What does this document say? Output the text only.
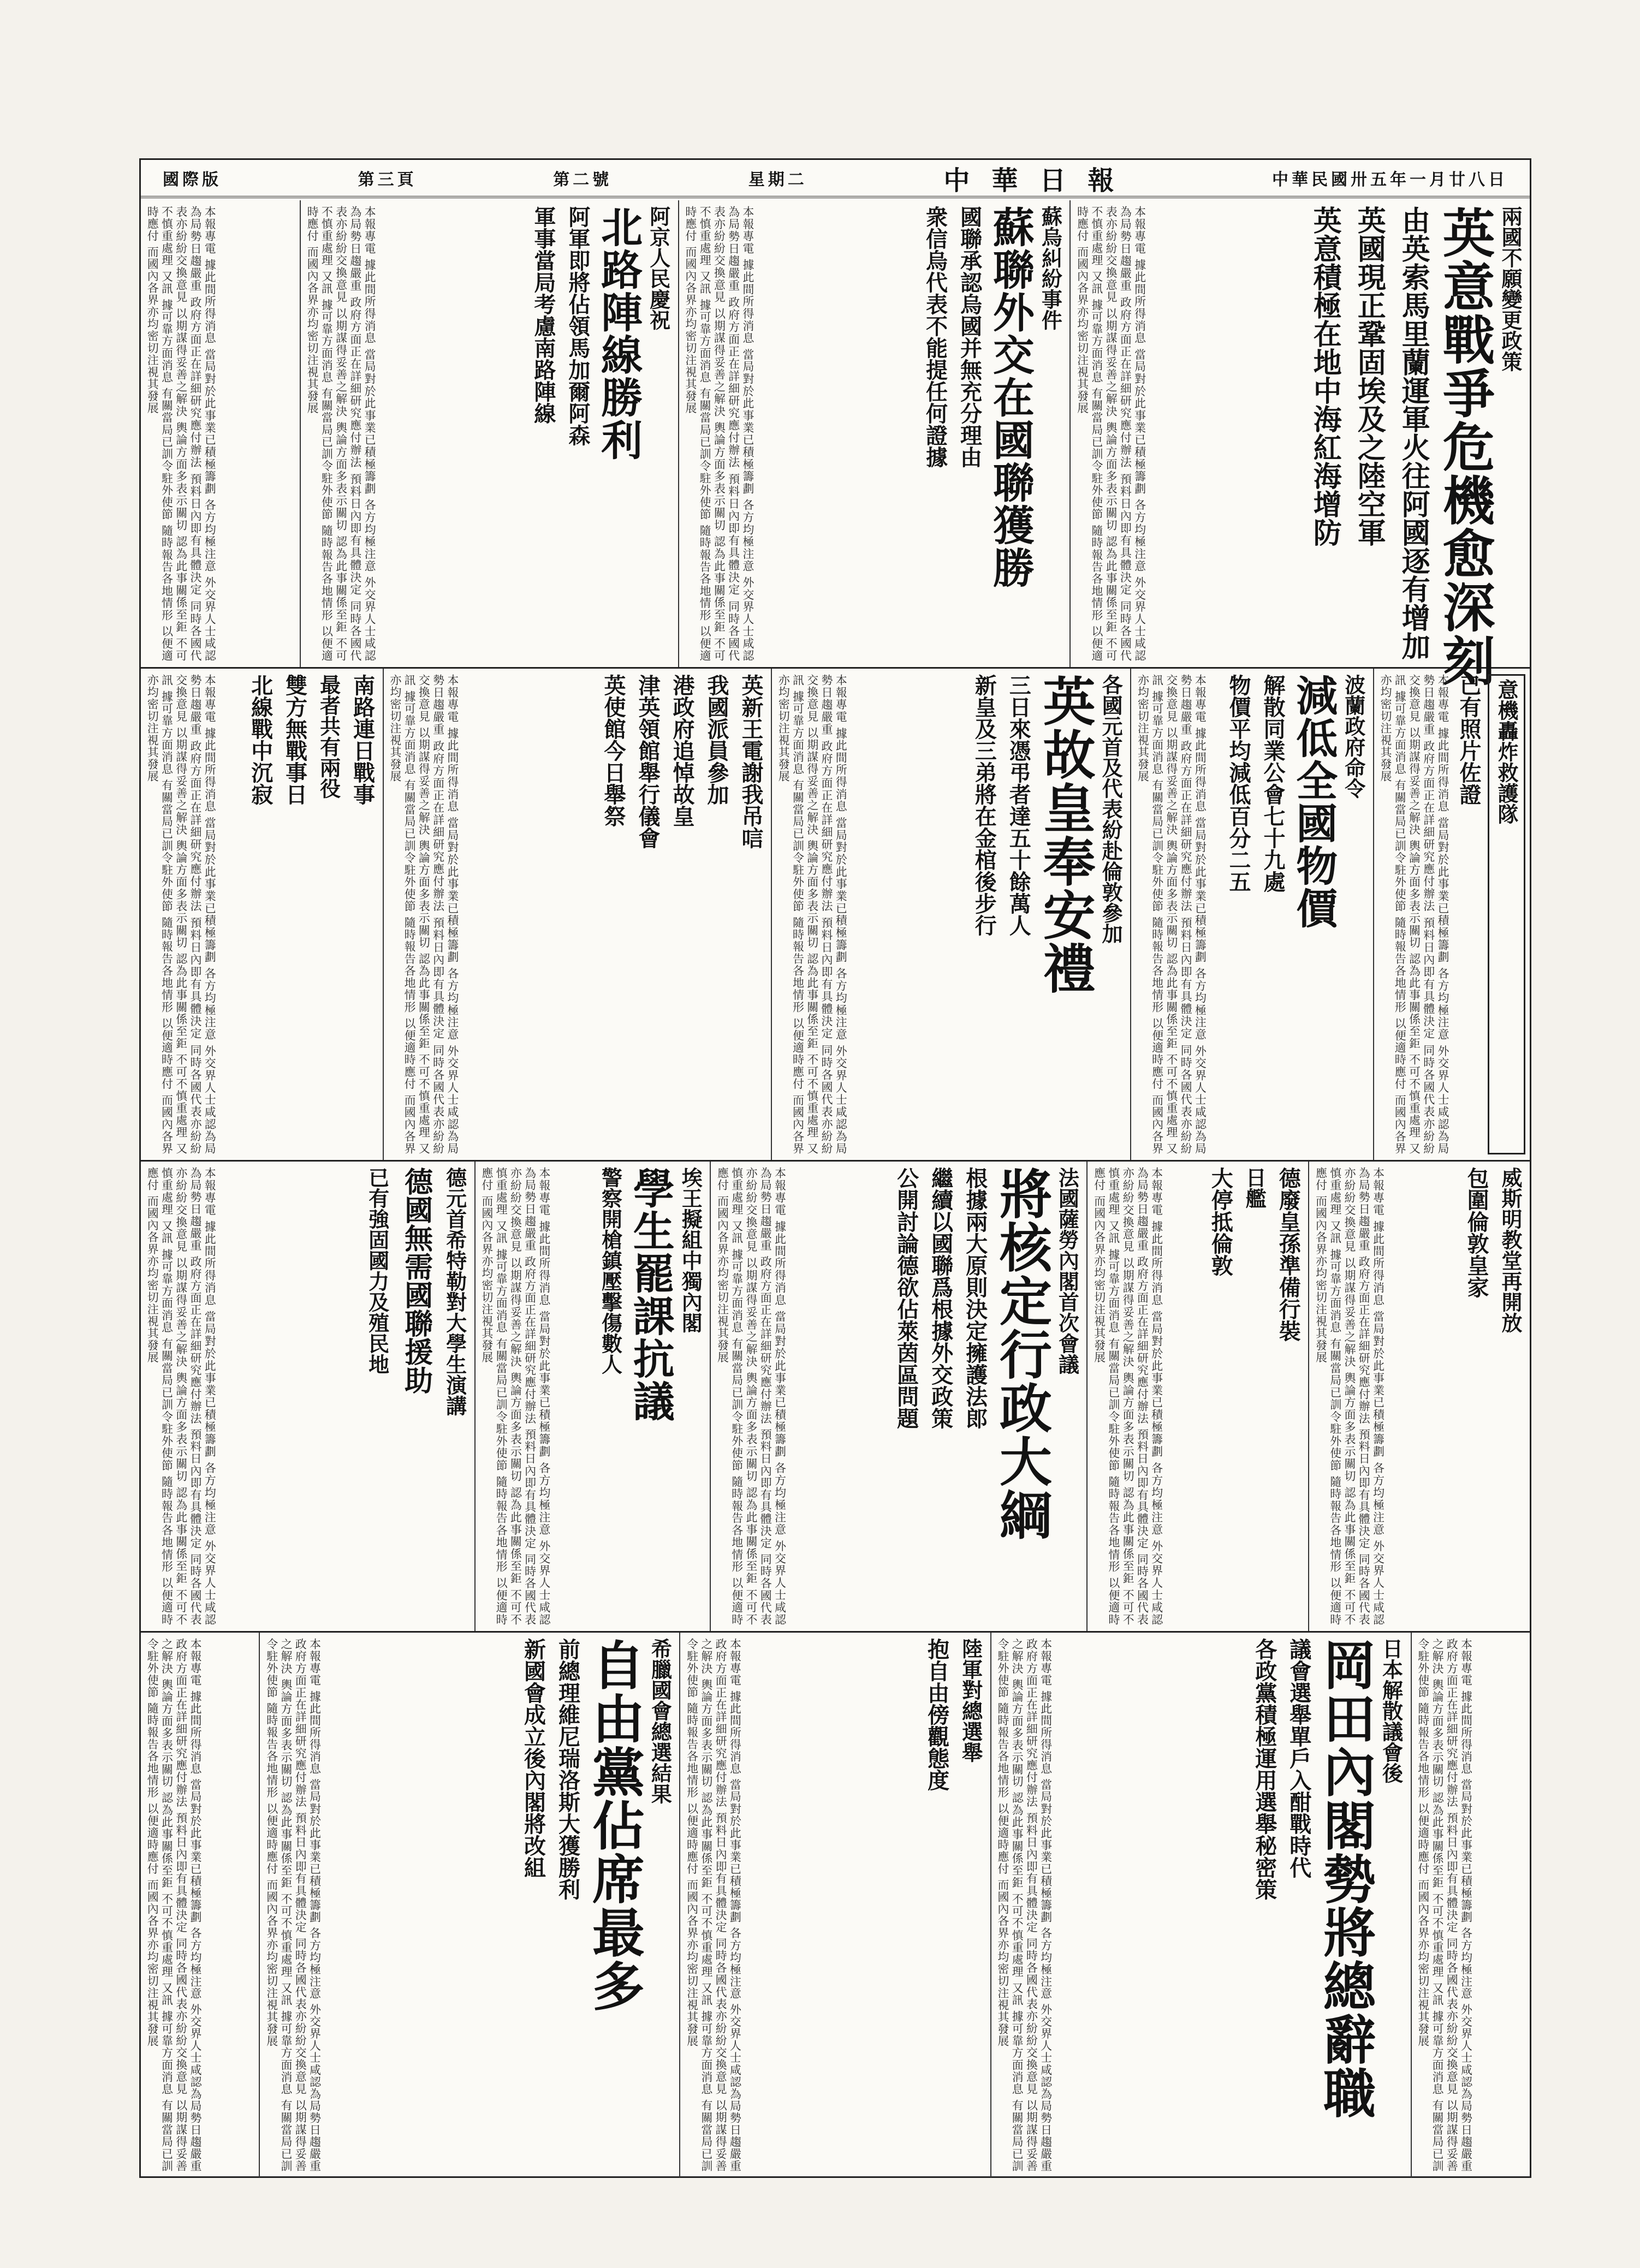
國際版	第三頁	第二號	星期二	中華日報	中華民國卅五年一月廿八日
兩國不願變更政策
英意戰爭危機愈深刻
由英索馬里蘭運軍火往阿國逐有增加
英國現正鞏固埃及之陸空軍
英意積極在地中海紅海增防
本報專電 據此間所得消息 當局對於此事業已積極籌劃 各方均極注意 外交界人士咸認為局勢日趨嚴重 政府方面正在詳細研究應付辦法 預料日內即有具體決定 同時各國代表亦紛紛交換意見 以期謀得妥善之解決 輿論方面多表示關切 認為此事關係至鉅 不可不慎重處理 又訊 據可靠方面消息 有關當局已訓令駐外使節 隨時報告各地情形 以便適時應付 而國內各界亦均密切注視其發展
蘇烏糾紛事件
蘇聯外交在國聯獲勝
國聯承認烏國并無充分理由
衆信烏代表不能提任何證據
本報專電 據此間所得消息 當局對於此事業已積極籌劃 各方均極注意 外交界人士咸認為局勢日趨嚴重 政府方面正在詳細研究應付辦法 預料日內即有具體決定 同時各國代表亦紛紛交換意見 以期謀得妥善之解決 輿論方面多表示關切 認為此事關係至鉅 不可不慎重處理 又訊 據可靠方面消息 有關當局已訓令駐外使節 隨時報告各地情形 以便適時應付 而國內各界亦均密切注視其發展
阿京人民慶祝
北路陣線勝利
阿軍即將佔領馬加爾阿森
軍事當局考慮南路陣線
本報專電 據此間所得消息 當局對於此事業已積極籌劃 各方均極注意 外交界人士咸認為局勢日趨嚴重 政府方面正在詳細研究應付辦法 預料日內即有具體決定 同時各國代表亦紛紛交換意見 以期謀得妥善之解決 輿論方面多表示關切 認為此事關係至鉅 不可不慎重處理 又訊 據可靠方面消息 有關當局已訓令駐外使節 隨時報告各地情形 以便適時應付 而國內各界亦均密切注視其發展
本報專電 據此間所得消息 當局對於此事業已積極籌劃 各方均極注意 外交界人士咸認為局勢日趨嚴重 政府方面正在詳細研究應付辦法 預料日內即有具體決定 同時各國代表亦紛紛交換意見 以期謀得妥善之解決 輿論方面多表示關切 認為此事關係至鉅 不可不慎重處理 又訊 據可靠方面消息 有關當局已訓令駐外使節 隨時報告各地情形 以便適時應付 而國內各界亦均密切注視其發展
意機轟炸救護隊
已有照片佐證
本報專電 據此間所得消息 當局對於此事業已積極籌劃 各方均極注意 外交界人士咸認為局勢日趨嚴重 政府方面正在詳細研究應付辦法 預料日內即有具體決定 同時各國代表亦紛紛交換意見 以期謀得妥善之解決 輿論方面多表示關切 認為此事關係至鉅 不可不慎重處理 又訊 據可靠方面消息 有關當局已訓令駐外使節 隨時報告各地情形 以便適時應付 而國內各界亦均密切注視其發展
波蘭政府命令
減低全國物價
解散同業公會七十九處
物價平均減低百分二五
本報專電 據此間所得消息 當局對於此事業已積極籌劃 各方均極注意 外交界人士咸認為局勢日趨嚴重 政府方面正在詳細研究應付辦法 預料日內即有具體決定 同時各國代表亦紛紛交換意見 以期謀得妥善之解決 輿論方面多表示關切 認為此事關係至鉅 不可不慎重處理 又訊 據可靠方面消息 有關當局已訓令駐外使節 隨時報告各地情形 以便適時應付 而國內各界亦均密切注視其發展
各國元首及代表紛赴倫敦參加
英故皇奉安禮
三日來憑弔者達五十餘萬人
新皇及三弟將在金棺後步行
本報專電 據此間所得消息 當局對於此事業已積極籌劃 各方均極注意 外交界人士咸認為局勢日趨嚴重 政府方面正在詳細研究應付辦法 預料日內即有具體決定 同時各國代表亦紛紛交換意見 以期謀得妥善之解決 輿論方面多表示關切 認為此事關係至鉅 不可不慎重處理 又訊 據可靠方面消息 有關當局已訓令駐外使節 隨時報告各地情形 以便適時應付 而國內各界亦均密切注視其發展
英新王電謝我吊唁
我國派員參加
港政府追悼故皇
津英領館舉行儀會
英使館今日舉祭
本報專電 據此間所得消息 當局對於此事業已積極籌劃 各方均極注意 外交界人士咸認為局勢日趨嚴重 政府方面正在詳細研究應付辦法 預料日內即有具體決定 同時各國代表亦紛紛交換意見 以期謀得妥善之解決 輿論方面多表示關切 認為此事關係至鉅 不可不慎重處理 又訊 據可靠方面消息 有關當局已訓令駐外使節 隨時報告各地情形 以便適時應付 而國內各界亦均密切注視其發展
南路連日戰事
最者共有兩役
雙方無戰事日
北線戰中沉寂
本報專電 據此間所得消息 當局對於此事業已積極籌劃 各方均極注意 外交界人士咸認為局勢日趨嚴重 政府方面正在詳細研究應付辦法 預料日內即有具體決定 同時各國代表亦紛紛交換意見 以期謀得妥善之解決 輿論方面多表示關切 認為此事關係至鉅 不可不慎重處理 又訊 據可靠方面消息 有關當局已訓令駐外使節 隨時報告各地情形 以便適時應付 而國內各界亦均密切注視其發展
威斯明教堂再開放
包圍倫敦皇家
本報專電 據此間所得消息 當局對於此事業已積極籌劃 各方均極注意 外交界人士咸認為局勢日趨嚴重 政府方面正在詳細研究應付辦法 預料日內即有具體決定 同時各國代表亦紛紛交換意見 以期謀得妥善之解決 輿論方面多表示關切 認為此事關係至鉅 不可不慎重處理 又訊 據可靠方面消息 有關當局已訓令駐外使節 隨時報告各地情形 以便適時應付 而國內各界亦均密切注視其發展
德廢皇孫準備行裝
日艦
大停抵倫敦
本報專電 據此間所得消息 當局對於此事業已積極籌劃 各方均極注意 外交界人士咸認為局勢日趨嚴重 政府方面正在詳細研究應付辦法 預料日內即有具體決定 同時各國代表亦紛紛交換意見 以期謀得妥善之解決 輿論方面多表示關切 認為此事關係至鉅 不可不慎重處理 又訊 據可靠方面消息 有關當局已訓令駐外使節 隨時報告各地情形 以便適時應付 而國內各界亦均密切注視其發展
法國薩勞內閣首次會議
將核定行政大綱
根據兩大原則決定擁護法郎
繼續以國聯爲根據外交政策
公開討論德欲佔萊茵區問題
本報專電 據此間所得消息 當局對於此事業已積極籌劃 各方均極注意 外交界人士咸認為局勢日趨嚴重 政府方面正在詳細研究應付辦法 預料日內即有具體決定 同時各國代表亦紛紛交換意見 以期謀得妥善之解決 輿論方面多表示關切 認為此事關係至鉅 不可不慎重處理 又訊 據可靠方面消息 有關當局已訓令駐外使節 隨時報告各地情形 以便適時應付 而國內各界亦均密切注視其發展
埃王擬組中獨內閣
學生罷課抗議
警察開槍鎮壓擊傷數人
本報專電 據此間所得消息 當局對於此事業已積極籌劃 各方均極注意 外交界人士咸認為局勢日趨嚴重 政府方面正在詳細研究應付辦法 預料日內即有具體決定 同時各國代表亦紛紛交換意見 以期謀得妥善之解決 輿論方面多表示關切 認為此事關係至鉅 不可不慎重處理 又訊 據可靠方面消息 有關當局已訓令駐外使節 隨時報告各地情形 以便適時應付 而國內各界亦均密切注視其發展
德元首希特勒對大學生演講
德國無需國聯援助
已有強固國力及殖民地
本報專電 據此間所得消息 當局對於此事業已積極籌劃 各方均極注意 外交界人士咸認為局勢日趨嚴重 政府方面正在詳細研究應付辦法 預料日內即有具體決定 同時各國代表亦紛紛交換意見 以期謀得妥善之解決 輿論方面多表示關切 認為此事關係至鉅 不可不慎重處理 又訊 據可靠方面消息 有關當局已訓令駐外使節 隨時報告各地情形 以便適時應付 而國內各界亦均密切注視其發展
本報專電 據此間所得消息 當局對於此事業已積極籌劃 各方均極注意 外交界人士咸認為局勢日趨嚴重 政府方面正在詳細研究應付辦法 預料日內即有具體決定 同時各國代表亦紛紛交換意見 以期謀得妥善之解決 輿論方面多表示關切 認為此事關係至鉅 不可不慎重處理 又訊 據可靠方面消息 有關當局已訓令駐外使節 隨時報告各地情形 以便適時應付 而國內各界亦均密切注視其發展
日本解散議會後
岡田內閣勢將總辭職
議會選舉單戶入酣戰時代
各政黨積極運用選舉秘密策
本報專電 據此間所得消息 當局對於此事業已積極籌劃 各方均極注意 外交界人士咸認為局勢日趨嚴重 政府方面正在詳細研究應付辦法 預料日內即有具體決定 同時各國代表亦紛紛交換意見 以期謀得妥善之解決 輿論方面多表示關切 認為此事關係至鉅 不可不慎重處理 又訊 據可靠方面消息 有關當局已訓令駐外使節 隨時報告各地情形 以便適時應付 而國內各界亦均密切注視其發展
陸軍對總選舉
抱自由傍觀態度
本報專電 據此間所得消息 當局對於此事業已積極籌劃 各方均極注意 外交界人士咸認為局勢日趨嚴重 政府方面正在詳細研究應付辦法 預料日內即有具體決定 同時各國代表亦紛紛交換意見 以期謀得妥善之解決 輿論方面多表示關切 認為此事關係至鉅 不可不慎重處理 又訊 據可靠方面消息 有關當局已訓令駐外使節 隨時報告各地情形 以便適時應付 而國內各界亦均密切注視其發展
希臘國會總選結果
自由黨佔席最多
前總理維尼瑞洛斯大獲勝利
新國會成立後內閣將改組
本報專電 據此間所得消息 當局對於此事業已積極籌劃 各方均極注意 外交界人士咸認為局勢日趨嚴重 政府方面正在詳細研究應付辦法 預料日內即有具體決定 同時各國代表亦紛紛交換意見 以期謀得妥善之解決 輿論方面多表示關切 認為此事關係至鉅 不可不慎重處理 又訊 據可靠方面消息 有關當局已訓令駐外使節 隨時報告各地情形 以便適時應付 而國內各界亦均密切注視其發展
本報專電 據此間所得消息 當局對於此事業已積極籌劃 各方均極注意 外交界人士咸認為局勢日趨嚴重 政府方面正在詳細研究應付辦法 預料日內即有具體決定 同時各國代表亦紛紛交換意見 以期謀得妥善之解決 輿論方面多表示關切 認為此事關係至鉅 不可不慎重處理 又訊 據可靠方面消息 有關當局已訓令駐外使節 隨時報告各地情形 以便適時應付 而國內各界亦均密切注視其發展
